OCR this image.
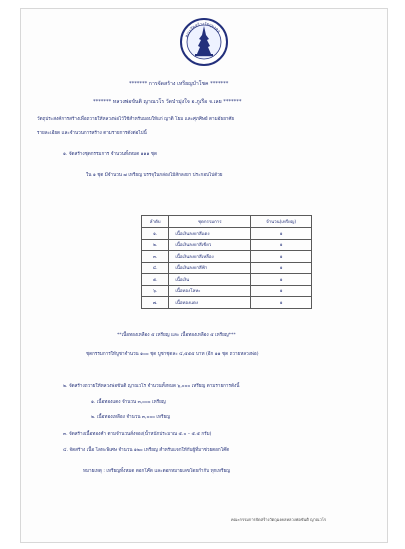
คณะจัดสร้างวัตถุมงคล
******* การจัดสร้าง เหรียญบำโชค *******
******* หลวงพ่อขันติ ญาณวโร วัดป่ามุ่งใจ อ.ภูเรือ จ.เลย *******
วัตถุประสงค์การสร้างเพื่อถวายให้หลวงพ่อไว้ใช้สำหรับมอบให้แก่ ญาติ โยม และศุภศิษย์ ตามอัธยาศัย
รายละเอียด และจำนวนการสร้าง ตามรายการดังต่อไปนี้
๑. จัดสร้างชุดกรรมการ จำนวนทั้งหมด ๑๑๑ ชุด
ใน ๑ ชุด มีจำนวน ๗ เหรียญ บรรจุในกล่องไม้สักลงยา ประกอบไปด้วย
ลำดับ	ชุดกรรมการ	จำนวน(เหรียญ)
๑.	เนื้อเงินลงยาสีแดง	๑
๒.	เนื้อเงินลงยาสีเขียว	๑
๓.	เนื้อเงินลงยาสีเหลือง	๑
๔.	เนื้อเงินลงยาสีฟ้า	๑
๕.	เนื้อเงิน	๑
๖.	เนื้อทองโลหะ	๑
๗.	เนื้อทองแดง	๑
**เนื้อทองเหลือง ๕ เหรียญ และ เนื้อทองเหลือง ๕ เหรียญ***
ชุดกรรมการให้บูชาจำนวน ๑๐๐ ชุด บูชาชุดละ ๔,๕๕๕ บาท (อีก ๑๑ ชุด ถวายหลวงพ่อ)
๒. จัดสร้างถวายให้หลวงพ่อขันติ ญาณวโร จำนวนทั้งหมด ๖,๐๐๐ เหรียญ ตามรายการดังนี้
๑. เนื้อทองแดง จำนวน ๓,๐๐๐ เหรียญ
๒. เนื้อทองเหลือง จำนวน ๓,๐๐๐ เหรียญ
๓. จัดสร้างเนื้อทองคำ ตามจำนวนสั่งจอง(น้ำหนักประมาณ ๕.๐ – ๕.๕ กรัม)
๔. จัดสร้าง เนื้อ โลหะพิเศษ จำนวน ๑๒๐ เหรียญ สำหรับแจกให้กับผู้ที่มาช่วยตอกโค๊ต
หมายเหตุ : เหรียญทั้งหมด ตอกโค๊ต และตอกหมายเลขโดยกำกับ ทุกเหรียญ
คณะกรรมการจัดสร้างวัตถุมงคลหลวงพ่อขันติ ญาณวโร
